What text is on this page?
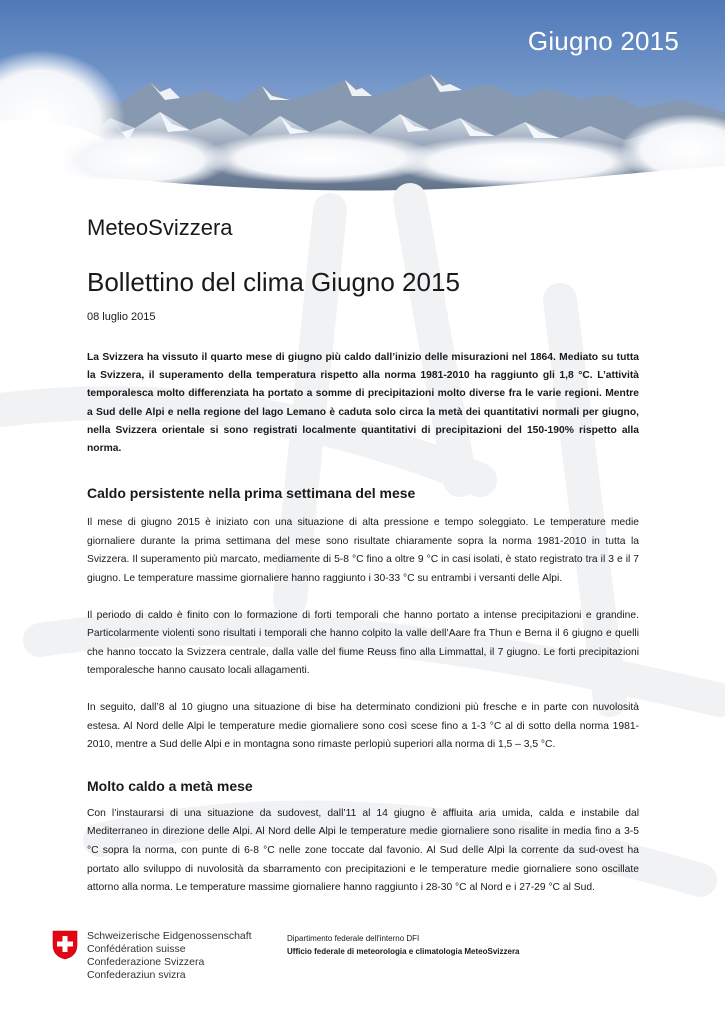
Giugno 2015
MeteoSvizzera
Bollettino del clima Giugno 2015
08 luglio 2015

La Svizzera ha vissuto il quarto mese di giugno più caldo dall’inizio delle misurazioni nel 1864. Mediato su tutta la Svizzera, il superamento della temperatura rispetto alla norma 1981-2010 ha raggiunto gli 1,8 °C. L’attività temporalesca molto differenziata ha portato a somme di precipitazioni molto diverse fra le varie regioni. Mentre a Sud delle Alpi e nella regione del lago Lemano è caduta solo circa la metà dei quantitativi normali per giugno, nella Svizzera orientale si sono registrati localmente quantitativi di precipitazioni del 150-190% rispetto alla norma.

Caldo persistente nella prima settimana del mese

Il mese di giugno 2015 è iniziato con una situazione di alta pressione e tempo soleggiato. Le temperature medie giornaliere durante la prima settimana del mese sono risultate chiaramente sopra la norma 1981-2010 in tutta la Svizzera. Il superamento più marcato, mediamente di 5-8 °C fino a oltre 9 °C in casi isolati, è stato registrato tra il 3 e il 7 giugno. Le temperature massime giornaliere hanno raggiunto i 30-33 °C su entrambi i versanti delle Alpi.

Il periodo di caldo è finito con lo formazione di forti temporali che hanno portato a intense precipitazioni e grandine. Particolarmente violenti sono risultati i temporali che hanno colpito la valle dell’Aare fra Thun e Berna il 6 giugno e quelli che hanno toccato la Svizzera centrale, dalla valle del fiume Reuss fino alla Limmattal, il 7 giugno. Le forti precipitazioni temporalesche hanno causato locali allagamenti.

In seguito, dall’8 al 10 giugno una situazione di bise ha determinato condizioni più fresche e in parte con nuvolosità estesa. Al Nord delle Alpi le temperature medie giornaliere sono così scese fino a 1-3 °C al di sotto della norma 1981-2010, mentre a Sud delle Alpi e in montagna sono rimaste perlopiù superiori alla norma di 1,5 – 3,5 °C.

Molto caldo a metà mese

Con l’instaurarsi di una situazione da sudovest, dall’11 al 14 giugno è affluita aria umida, calda e instabile dal Mediterraneo in direzione delle Alpi. Al Nord delle Alpi le temperature medie giornaliere sono risalite in media fino a 3-5 °C sopra la norma, con punte di 6-8 °C nelle zone toccate dal favonio. Al Sud delle Alpi la corrente da sud-ovest ha portato allo sviluppo di nuvolosità da sbarramento con precipitazioni e le temperature medie giornaliere sono oscillate attorno alla norma. Le temperature massime giornaliere hanno raggiunto i 28-30 °C al Nord e i 27-29 °C al Sud.

Schweizerische Eidgenossenschaft
Confédération suisse
Confederazione Svizzera
Confederaziun svizra
Dipartimento federale dell'interno DFI
Ufficio federale di meteorologia e climatologia MeteoSvizzera
